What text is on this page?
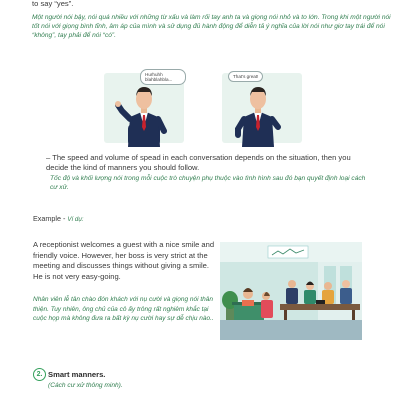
to say “yes”.

Một người nói bậy, nói quá nhiều với những từ xấu và làm rối tay anh ta và giọng nói nhỏ và to lớn. Trong khi một người nói tốt nói với giọng bình tĩnh, âm áp của mình và sử dụng đủ hành động để diễn tả ý nghĩa của lời nói như giơ tay trái để nói “không”, tay phải để nói “có”.

Hurhuhh blahblahbla...
That's great!

– The speed and volume of spead in each conversation depends on the situation, then you decide the kind of manners you should follow.

Tốc độ và khối lượng nói trong mỗi cuộc trò chuyện phụ thuộc vào tình hình sau đó bạn quyết định loại cách cư xử.

Example - Ví dụ:

A receptionist welcomes a guest with a nice smile and friendly voice. However, her boss is very strict at the meeting and discusses things without giving a smile. He is not very easy-going.

Nhân viên lễ tân chào đón khách với nụ cười và giọng nói thân thiện. Tuy nhiên, ông chủ của cô ấy trông rất nghiêm khắc tại cuộc họp mà không đưa ra bất kỳ nụ cười hay sự dễ chịu nào..

2. Smart manners.

(Cách cư xử thông minh).
